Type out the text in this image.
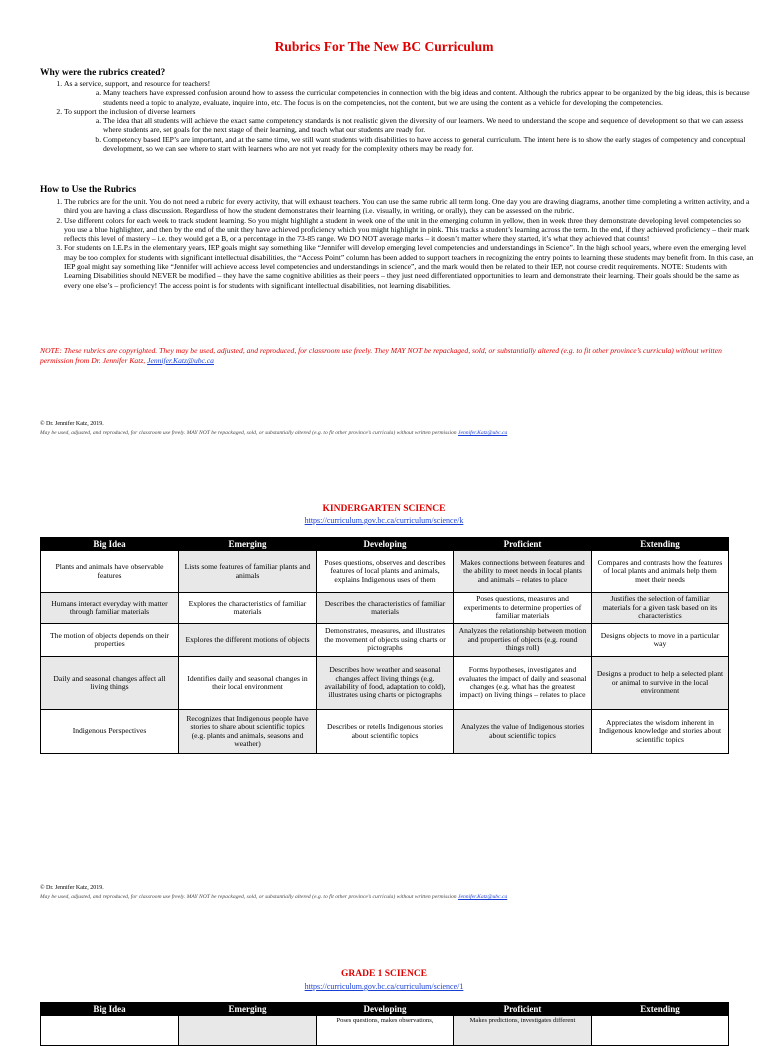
Rubrics For The New BC Curriculum
Why were the rubrics created?
1. As a service, support, and resource for teachers!
a. Many teachers have expressed confusion around how to assess the curricular competencies in connection with the big ideas and content. Although the rubrics appear to be organized by the big ideas, this is because students need a topic to analyze, evaluate, inquire into, etc. The focus is on the competencies, not the content, but we are using the content as a vehicle for developing the competencies.
2. To support the inclusion of diverse learners
a. The idea that all students will achieve the exact same competency standards is not realistic given the diversity of our learners. We need to understand the scope and sequence of development so that we can assess where students are, set goals for the next stage of their learning, and teach what our students are ready for.
b. Competency based IEP’s are important, and at the same time, we still want students with disabilities to have access to general curriculum. The intent here is to show the early stages of competency and conceptual development, so we can see where to start with learners who are not yet ready for the complexity others may be ready for.
How to Use the Rubrics
1. The rubrics are for the unit. You do not need a rubric for every activity, that will exhaust teachers. You can use the same rubric all term long. One day you are drawing diagrams, another time completing a written activity, and a third you are having a class discussion. Regardless of how the student demonstrates their learning (i.e. visually, in writing, or orally), they can be assessed on the rubric.
2. Use different colors for each week to track student learning. So you might highlight a student in week one of the unit in the emerging column in yellow, then in week three they demonstrate developing level competencies so you use a blue highlighter, and then by the end of the unit they have achieved proficiency which you might highlight in pink. This tracks a student’s learning across the term. In the end, if they achieved proficiency – their mark reflects this level of mastery – i.e. they would get a B, or a percentage in the 73-85 range. We DO NOT average marks – it doesn’t matter where they started, it’s what they achieved that counts!
3. For students on I.E.P.s in the elementary years, IEP goals might say something like “Jennifer will develop emerging level competencies and understandings in Science”. In the high school years, where even the emerging level may be too complex for students with significant intellectual disabilities, the “Access Point” column has been added to support teachers in recognizing the entry points to learning these students may benefit from. In this case, an IEP goal might say something like “Jennifer will achieve access level competencies and understandings in science”, and the mark would then be related to their IEP, not course credit requirements. NOTE: Students with Learning Disabilities should NEVER be modified – they have the same cognitive abilities as their peers – they just need differentiated opportunities to learn and demonstrate their learning. Their goals should be the same as every one else’s – proficiency! The access point is for students with significant intellectual disabilities, not learning disabilities.
NOTE: These rubrics are copyrighted. They may be used, adjusted, and reproduced, for classroom use freely. They MAY NOT be repackaged, sold, or substantially altered (e.g. to fit other province’s curricula) without written permission from Dr. Jennifer Katz, Jennifer.Katz@ubc.ca
© Dr. Jennifer Katz, 2019.
May be used, adjusted, and reproduced, for classroom use freely. MAY NOT be repackaged, sold, or substantially altered (e.g. to fit other province’s curricula) without written permission Jennifer.Katz@ubc.ca
KINDERGARTEN SCIENCE
https://curriculum.gov.bc.ca/curriculum/science/k
Big Idea	Emerging	Developing	Proficient	Extending
Plants and animals have observable features	Lists some features of familiar plants and animals	Poses questions, observes and describes features of local plants and animals, explains Indigenous uses of them	Makes connections between features and the ability to meet needs in local plants and animals – relates to place	Compares and contrasts how the features of local plants and animals help them meet their needs
Humans interact everyday with matter through familiar materials	Explores the characteristics of familiar materials	Describes the characteristics of familiar materials	Poses questions, measures and experiments to determine properties of familiar materials	Justifies the selection of familiar materials for a given task based on its characteristics
The motion of objects depends on their properties	Explores the different motions of objects	Demonstrates, measures, and illustrates the movement of objects using charts or pictographs	Analyzes the relationship between motion and properties of objects (e.g. round things roll)	Designs objects to move in a particular way
Daily and seasonal changes affect all living things	Identifies daily and seasonal changes in their local environment	Describes how weather and seasonal changes affect living things (e.g. availability of food, adaptation to cold), illustrates using charts or pictographs	Forms hypotheses, investigates and evaluates the impact of daily and seasonal changes (e.g. what has the greatest impact) on living things – relates to place	Designs a product to help a selected plant or animal to survive in the local environment
Indigenous Perspectives	Recognizes that Indigenous people have stories to share about scientific topics (e.g. plants and animals, seasons and weather)	Describes or retells Indigenous stories about scientific topics	Analyzes the value of Indigenous stories about scientific topics	Appreciates the wisdom inherent in Indigenous knowledge and stories about scientific topics
© Dr. Jennifer Katz, 2019.
May be used, adjusted, and reproduced, for classroom use freely. MAY NOT be repackaged, sold, or substantially altered (e.g. to fit other province’s curricula) without written permission Jennifer.Katz@ubc.ca
GRADE 1 SCIENCE
https://curriculum.gov.bc.ca/curriculum/science/1
Big Idea	Emerging	Developing	Proficient	Extending
		Poses questions, makes observations,	Makes predictions, investigates different	
